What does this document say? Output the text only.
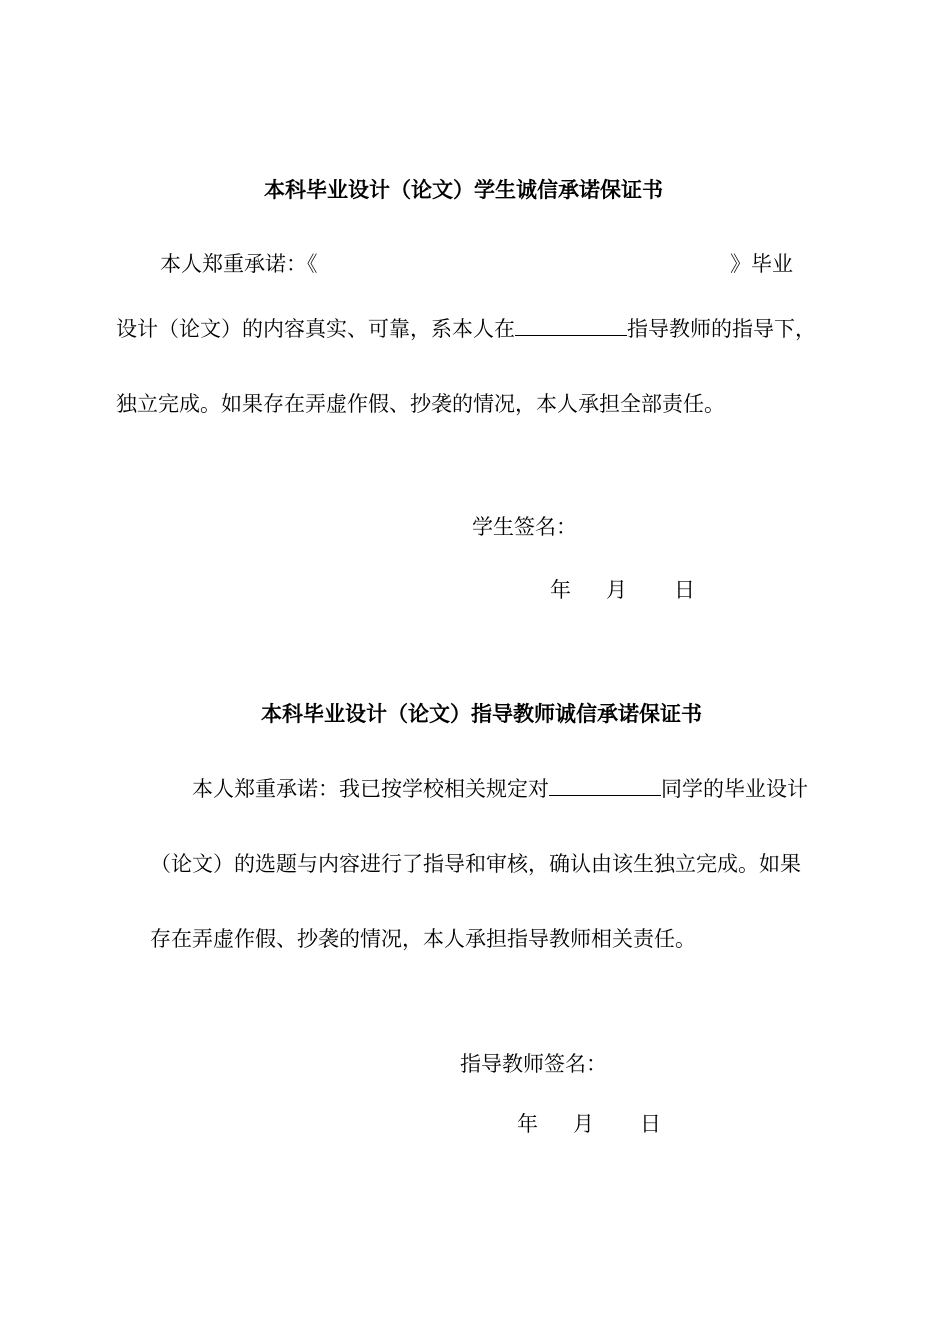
本科毕业设计（论文）学生诚信承诺保证书
本人郑重承诺：《	》毕业
设计（论文）的内容真实、可靠，系本人在	指导教师的指导下，
独立完成。如果存在弄虚作假、抄袭的情况，本人承担全部责任。
学生签名：
年 月 日
本科毕业设计（论文）指导教师诚信承诺保证书
本人郑重承诺：我已按学校相关规定对	同学的毕业设计
（论文）的选题与内容进行了指导和审核，确认由该生独立完成。如果
存在弄虚作假、抄袭的情况，本人承担指导教师相关责任。
指导教师签名：
年 月 日
